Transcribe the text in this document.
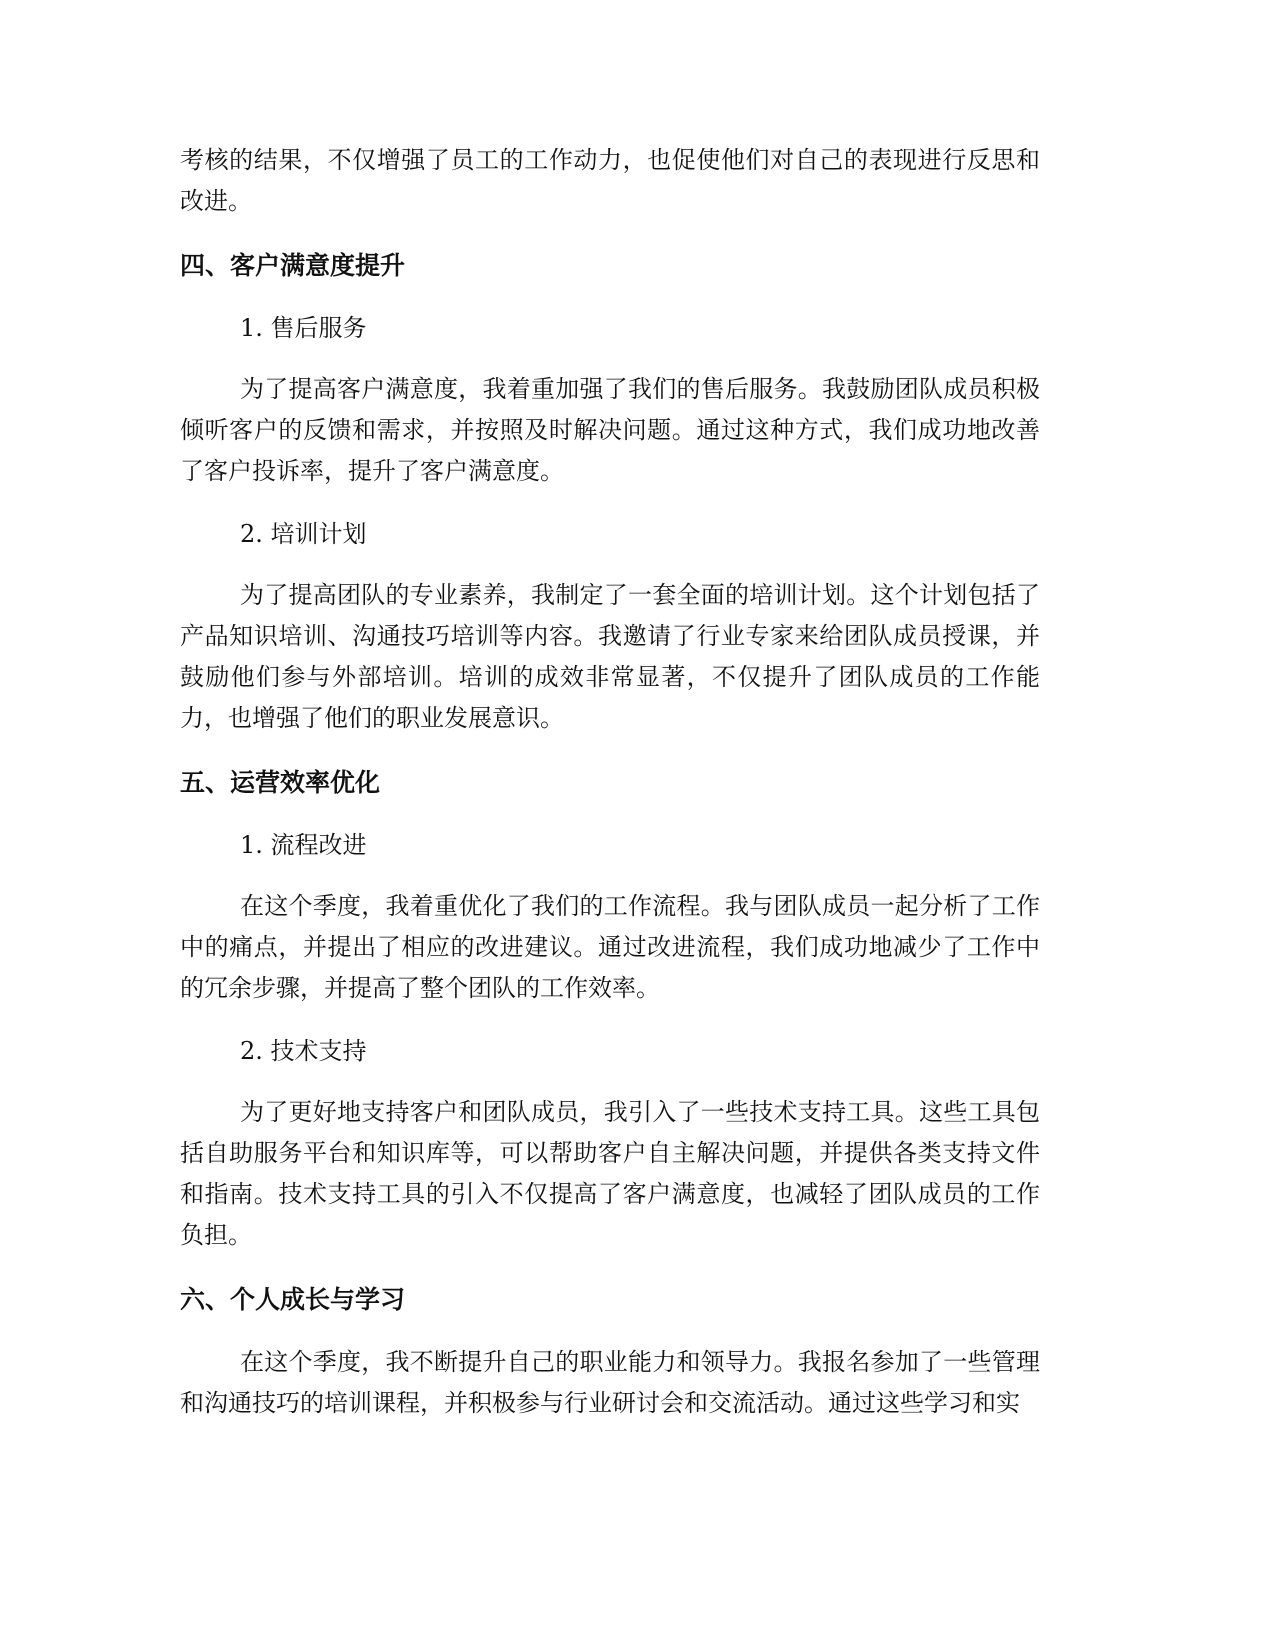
考核的结果，不仅增强了员工的工作动力，也促使他们对自己的表现进行反思和改进。

四、客户满意度提升

1. 售后服务

为了提高客户满意度，我着重加强了我们的售后服务。我鼓励团队成员积极倾听客户的反馈和需求，并按照及时解决问题。通过这种方式，我们成功地改善了客户投诉率，提升了客户满意度。

2. 培训计划

为了提高团队的专业素养，我制定了一套全面的培训计划。这个计划包括了产品知识培训、沟通技巧培训等内容。我邀请了行业专家来给团队成员授课，并鼓励他们参与外部培训。培训的成效非常显著，不仅提升了团队成员的工作能力，也增强了他们的职业发展意识。

五、运营效率优化

1. 流程改进

在这个季度，我着重优化了我们的工作流程。我与团队成员一起分析了工作中的痛点，并提出了相应的改进建议。通过改进流程，我们成功地减少了工作中的冗余步骤，并提高了整个团队的工作效率。

2. 技术支持

为了更好地支持客户和团队成员，我引入了一些技术支持工具。这些工具包括自助服务平台和知识库等，可以帮助客户自主解决问题，并提供各类支持文件和指南。技术支持工具的引入不仅提高了客户满意度，也减轻了团队成员的工作负担。

六、个人成长与学习

在这个季度，我不断提升自己的职业能力和领导力。我报名参加了一些管理和沟通技巧的培训课程，并积极参与行业研讨会和交流活动。通过这些学习和实
